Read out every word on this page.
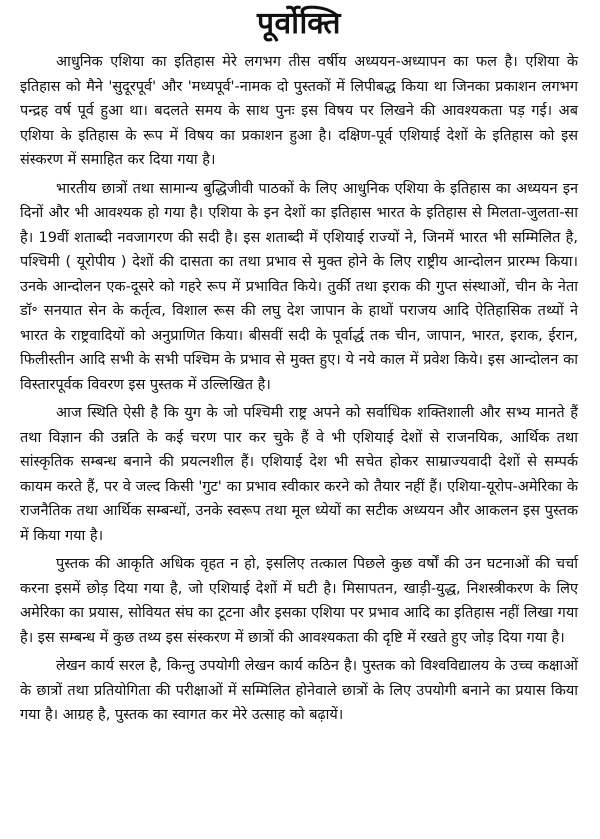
पूर्वोक्ति

आधुनिक एशिया का इतिहास मेरे लगभग तीस वर्षीय अध्ययन-अध्यापन का फल है। एशिया के इतिहास को मैने 'सुदूरपूर्व' और 'मध्यपूर्व'-नामक दो पुस्तकों में लिपीबद्ध किया था जिनका प्रकाशन लगभग पन्द्रह वर्ष पूर्व हुआ था। बदलते समय के साथ पुनः इस विषय पर लिखने की आवश्यकता पड़ गई। अब एशिया के इतिहास के रूप में विषय का प्रकाशन हुआ है। दक्षिण-पूर्व एशियाई देशों के इतिहास को इस संस्करण में समाहित कर दिया गया है।

भारतीय छात्रों तथा सामान्य बुद्धिजीवी पाठकों के लिए आधुनिक एशिया के इतिहास का अध्ययन इन दिनों और भी आवश्यक हो गया है। एशिया के इन देशों का इतिहास भारत के इतिहास से मिलता-जुलता-सा है। 19वीं शताब्दी नवजागरण की सदी है। इस शताब्दी में एशियाई राज्यों ने, जिनमें भारत भी सम्मिलित है, पश्चिमी ( यूरोपीय ) देशों की दासता का तथा प्रभाव से मुक्त होने के लिए राष्ट्रीय आन्दोलन प्रारम्भ किया। उनके आन्दोलन एक-दूसरे को गहरे रूप में प्रभावित किये। तुर्की तथा इराक की गुप्त संस्थाओं, चीन के नेता डॉ॰ सनयात सेन के कर्तृत्व, विशाल रूस की लघु देश जापान के हाथों पराजय आदि ऐतिहासिक तथ्यों ने भारत के राष्ट्रवादियों को अनुप्राणित किया। बीसवीं सदी के पूर्वार्द्ध तक चीन, जापान, भारत, इराक, ईरान, फिलीस्तीन आदि सभी के सभी पश्चिम के प्रभाव से मुक्त हुए। ये नये काल में प्रवेश किये। इस आन्दोलन का विस्तारपूर्वक विवरण इस पुस्तक में उल्लिखित है।

आज स्थिति ऐसी है कि युग के जो पश्चिमी राष्ट्र अपने को सर्वाधिक शक्तिशाली और सभ्य मानते हैं तथा विज्ञान की उन्नति के कई चरण पार कर चुके हैं वे भी एशियाई देशों से राजनयिक, आर्थिक तथा सांस्कृतिक सम्बन्ध बनाने की प्रयत्नशील हैं। एशियाई देश भी सचेत होकर साम्राज्यवादी देशों से सम्पर्क कायम करते हैं, पर वे जल्द किसी 'गुट' का प्रभाव स्वीकार करने को तैयार नहीं हैं। एशिया-यूरोप-अमेरिका के राजनैतिक तथा आर्थिक सम्बन्धों, उनके स्वरूप तथा मूल ध्येयों का सटीक अध्ययन और आकलन इस पुस्तक में किया गया है।

पुस्तक की आकृति अधिक वृहत न हो, इसलिए तत्काल पिछले कुछ वर्षों की उन घटनाओं की चर्चा करना इसमें छोड़ दिया गया है, जो एशियाई देशों में घटी है। मिसापतन, खाड़ी-युद्ध, निशस्त्रीकरण के लिए अमेरिका का प्रयास, सोवियत संघ का टूटना और इसका एशिया पर प्रभाव आदि का इतिहास नहीं लिखा गया है। इस सम्बन्ध में कुछ तथ्य इस संस्करण में छात्रों की आवश्यकता की दृष्टि में रखते हुए जोड़ दिया गया है।

लेखन कार्य सरल है, किन्तु उपयोगी लेखन कार्य कठिन है। पुस्तक को विश्वविद्यालय के उच्च कक्षाओं के छात्रों तथा प्रतियोगिता की परीक्षाओं में सम्मिलित होनेवाले छात्रों के लिए उपयोगी बनाने का प्रयास किया गया है। आग्रह है, पुस्तक का स्वागत कर मेरे उत्साह को बढ़ायें।
